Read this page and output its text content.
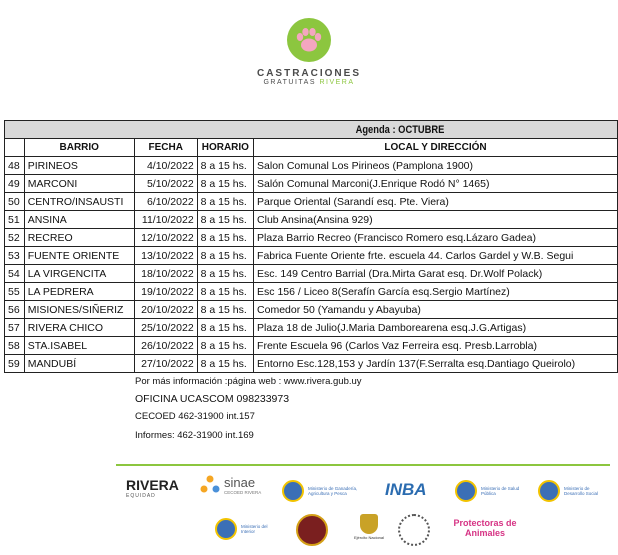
CASTRACIONES
GRATUITAS RIVERA
Agenda : OCTUBRE				

	BARRIO	FECHA	HORARIO	LOCAL Y DIRECCIÓN
48	PIRINEOS	4/10/2022	8 a 15 hs.	Salon Comunal Los Pirineos (Pamplona 1900)
49	MARCONI	5/10/2022	8 a 15 hs.	Salón Comunal Marconi(J.Enrique Rodó N° 1465)
50	CENTRO/INSAUSTI	6/10/2022	8 a 15 hs.	Parque Oriental (Sarandí esq. Pte. Viera)
51	ANSINA	11/10/2022	8 a 15 hs.	Club Ansina(Ansina 929)
52	RECREO	12/10/2022	8 a 15 hs.	Plaza Barrio Recreo (Francisco Romero esq.Lázaro Gadea)
53	FUENTE ORIENTE	13/10/2022	8 a 15 hs.	Fabrica Fuente Oriente frte. escuela 44. Carlos Gardel y W.B. Segui
54	LA VIRGENCITA	18/10/2022	8 a 15 hs.	Esc. 149 Centro Barrial (Dra.Mirta Garat esq. Dr.Wolf Polack)
55	LA PEDRERA	19/10/2022	8 a 15 hs.	Esc 156 / Liceo 8(Serafín García esq.Sergio Martínez)
56	MISIONES/SIÑERIZ	20/10/2022	8 a 15 hs.	Comedor 50 (Yamandu y Abayuba)
57	RIVERA CHICO	25/10/2022	8 a 15 hs.	Plaza 18 de Julio(J.Maria Damborearena esq.J.G.Artigas)
58	STA.ISABEL	26/10/2022	8 a 15 hs.	Frente Escuela 96 (Carlos Vaz Ferreira esq. Presb.Larrobla)
59	MANDUBÍ	27/10/2022	8 a 15 hs.	Entorno Esc.128,153 y Jardín 137(F.Serralta esq.Dantiago Queirolo)
Por más información :página web : www.rivera.gub.uy
OFICINA UCASCOM 098233973
CECOED 462-31900 int.157
Informes: 462-31900 int.169
RIVERA
EQUIDAD
sinae
CECOED RIVERA
Ministerio de Ganadería, Agricultura y Pesca	INBA	Ministerio de Salud Pública
Ministerio de Desarrollo Social
Ministerio del Interior
Ejército Nacional
Protectoras de Animales
